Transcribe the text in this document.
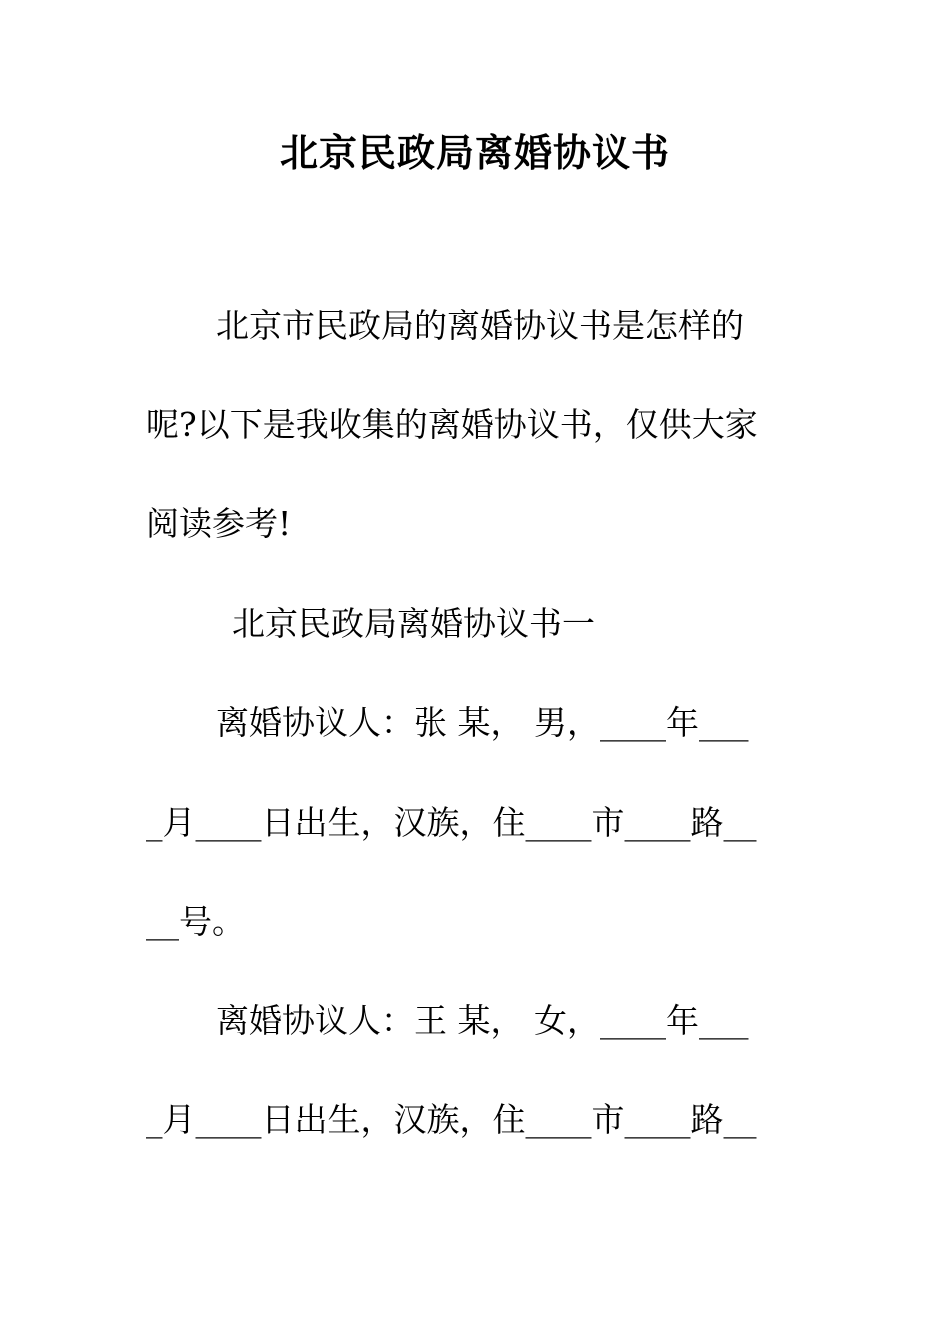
北京民政局离婚协议书

北京市民政局的离婚协议书是怎样的

呢?以下是我收集的离婚协议书，仅供大家

阅读参考!

北京民政局离婚协议书一

离婚协议人：张 某， 男，____年___

_月____日出生，汉族，住____市____路__

__号。

离婚协议人：王 某， 女，____年___

_月____日出生，汉族，住____市____路__
